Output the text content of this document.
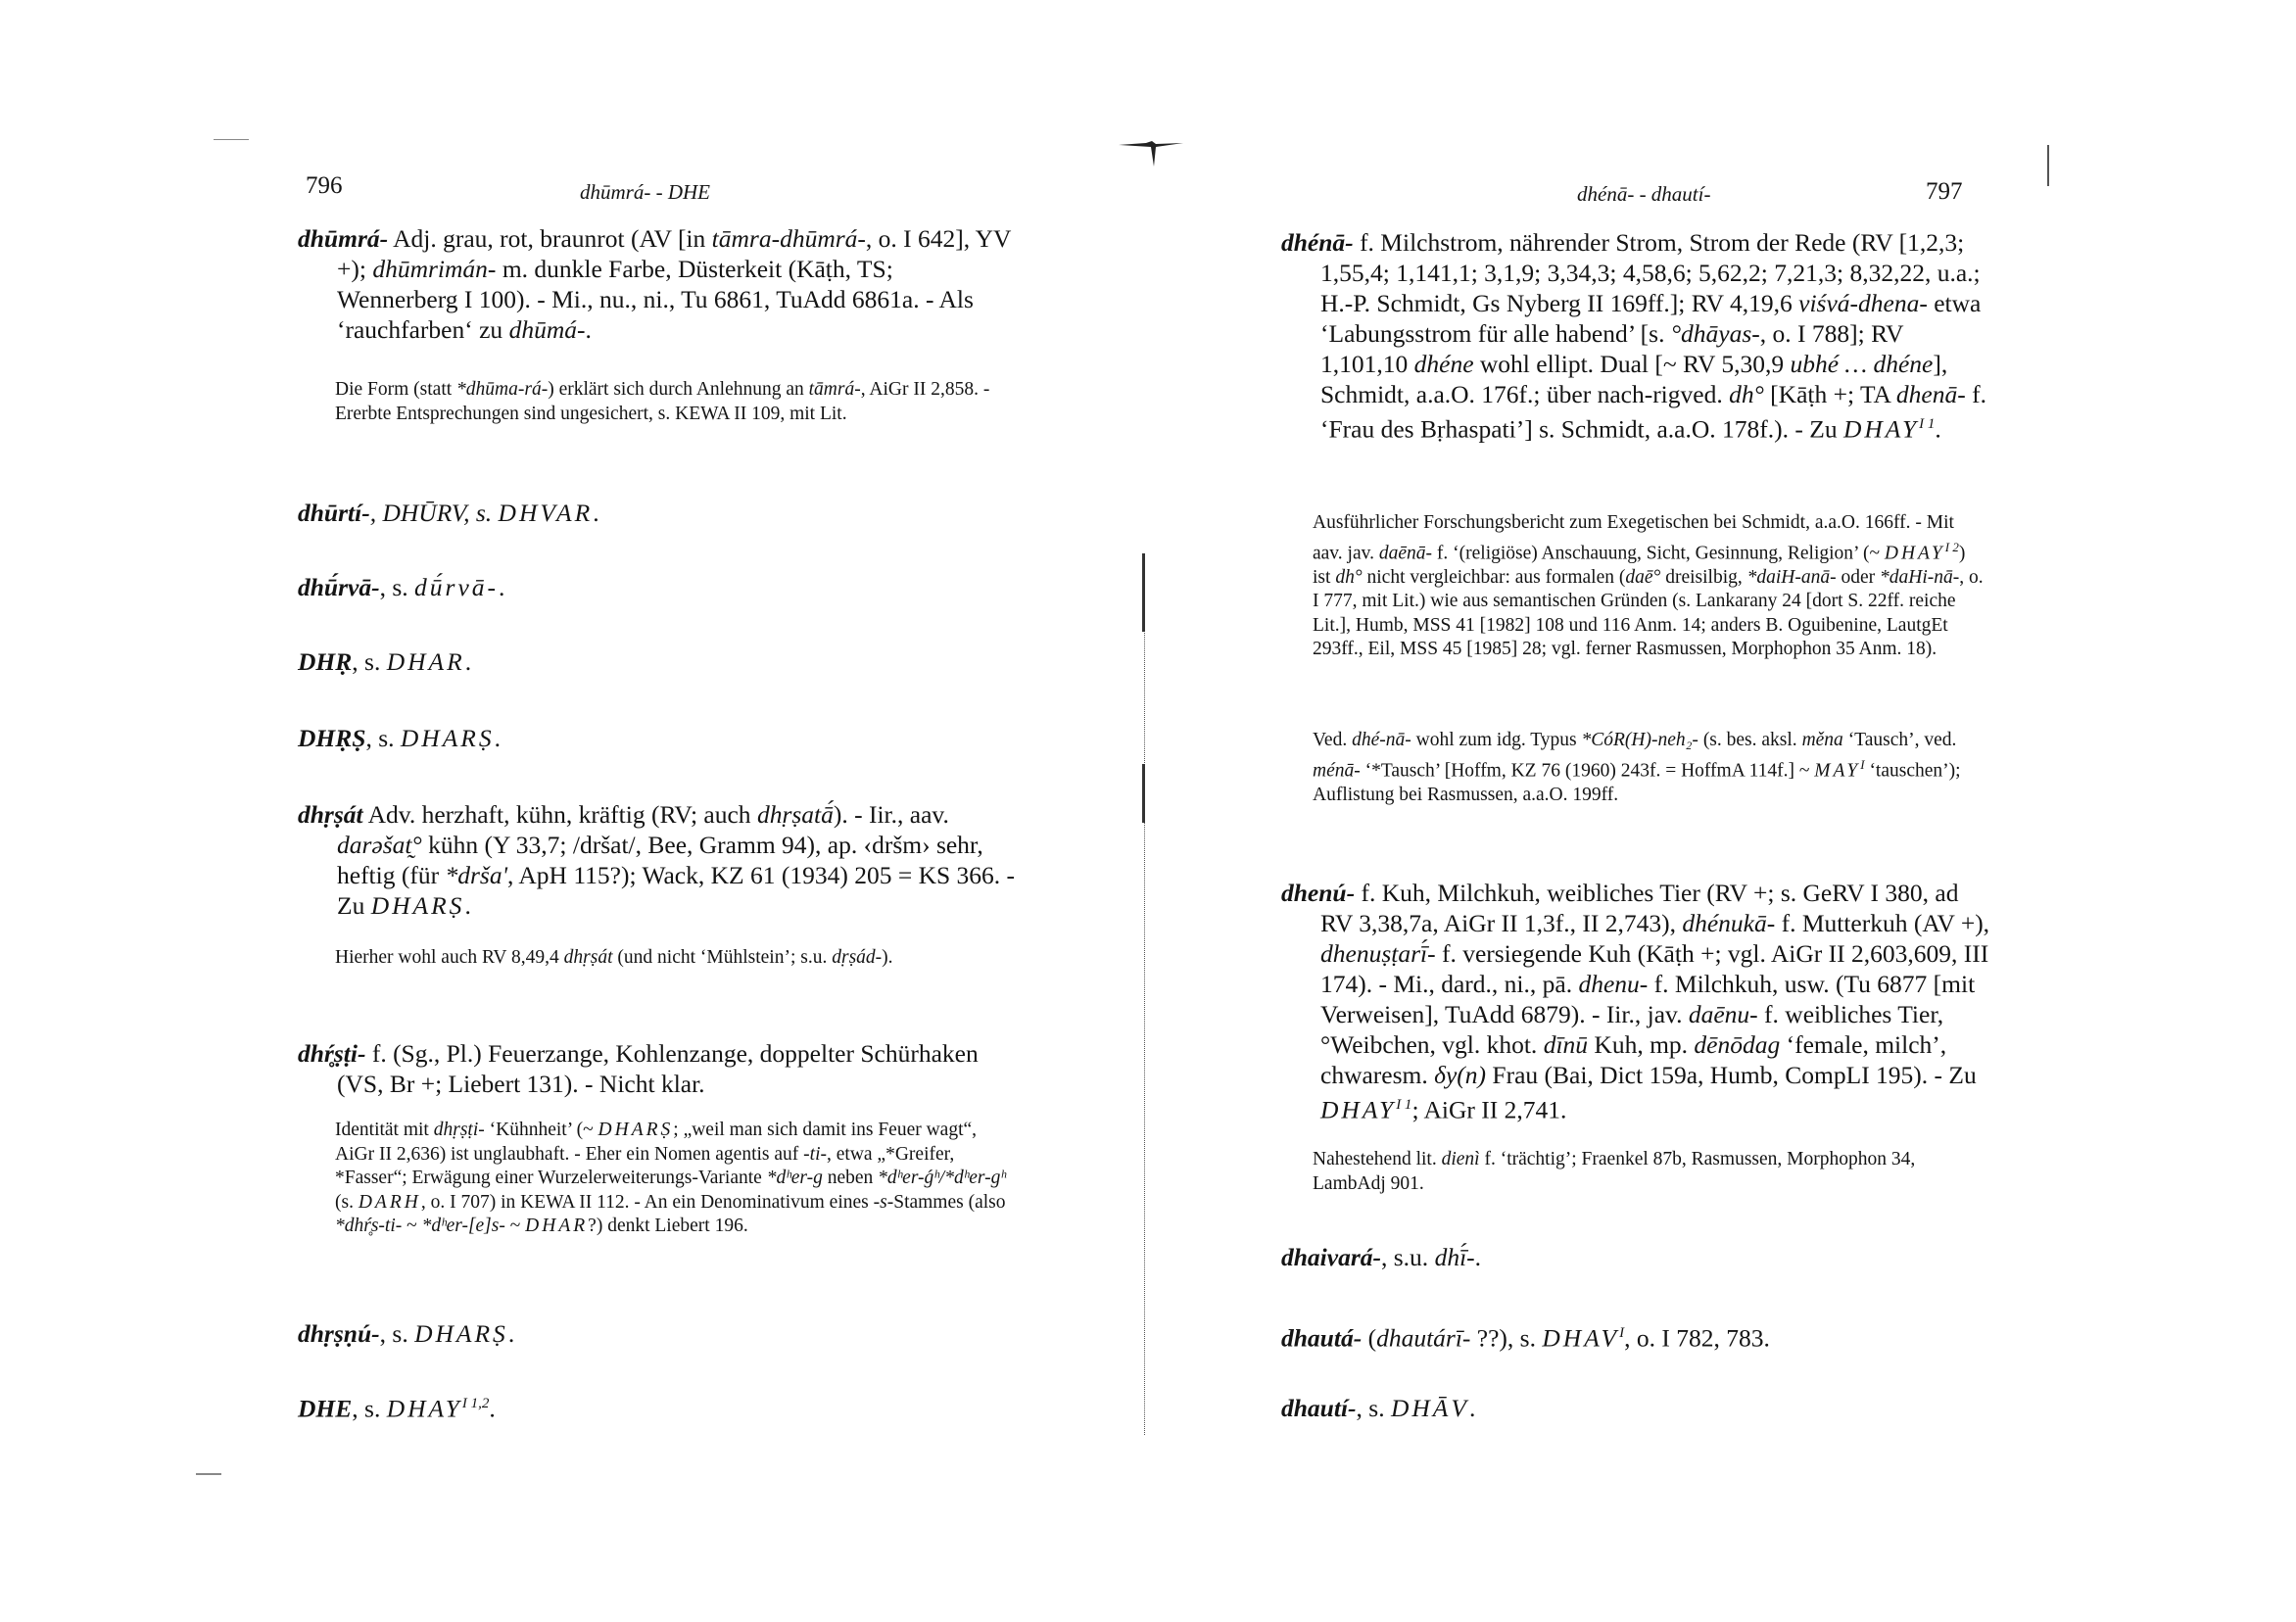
796	dhūmrá- - DHE
dhūmrá- Adj. grau, rot, braunrot (AV [in tāmra-dhūmrá-, o. I 642], YV +); dhūmrimán- m. dunkle Farbe, Düsterkeit (Kāṭh, TS; Wennerberg I 100). - Mi., nu., ni., Tu 6861, TuAdd 6861a. - Als ‘rauchfarben‘ zu dhūmá-.
Die Form (statt *dhūma-rá-) erklärt sich durch Anlehnung an tāmrá-, AiGr II 2,858. - Ererbte Entsprechungen sind ungesichert, s. KEWA II 109, mit Lit.
dhūrtí-, DHŪRV, s. DHVAR.
dhū́rvā-, s. dū́rvā-.
DHṚ, s. DHAR.
DHṚṢ, s. DHARṢ.
dhṛṣát Adv. herzhaft, kühn, kräftig (RV; auch dhṛṣatā́). - Iir., aav. darəšat̰° kühn (Y 33,7; /dršat/, Bee, Gramm 94), ap. ‹dršm› sehr, heftig (für *drša', ApH 115?); Wack, KZ 61 (1934) 205 = KS 366. - Zu DHARṢ.
Hierher wohl auch RV 8,49,4 dhṛṣát (und nicht ‘Mühlstein’; s.u. dṛṣád-).
dhŕ̥ṣṭi- f. (Sg., Pl.) Feuerzange, Kohlenzange, doppelter Schürhaken (VS, Br +; Liebert 131). - Nicht klar.
Identität mit dhṛṣṭi- ‘Kühnheit’ (~ DHARṢ; „weil man sich damit ins Feuer wagt“, AiGr II 2,636) ist unglaubhaft. - Eher ein Nomen agentis auf -ti-, etwa „*Greifer, *Fasser“; Erwägung einer Wurzelerweiterungs-Variante *dʰer-g neben *dʰer-ǵʰ/*dʰer-gʰ (s. DARH, o. I 707) in KEWA II 112. - An ein Denominativum eines -s-Stammes (also *dhŕ̥s-ti- ~ *dʰer-[e]s- ~ DHAR?) denkt Liebert 196.
dhṛṣṇú-, s. DHARṢ.
DHE, s. $DHAY^{I 1,2}$.
dhénā- - dhautí-	797
dhénā- f. Milchstrom, nährender Strom, Strom der Rede (RV [1,2,3; 1,55,4; 1,141,1; 3,1,9; 3,34,3; 4,58,6; 5,62,2; 7,21,3; 8,32,22, u.a.; H.-P. Schmidt, Gs Nyberg II 169ff.]; RV 4,19,6 viśvá-dhena- etwa ‘Labungsstrom für alle habend’ [s. °dhāyas-, o. I 788]; RV 1,101,10 dhéne wohl ellipt. Dual [~ RV 5,30,9 ubhé … dhéne], Schmidt, a.a.O. 176f.; über nach-rigved. dh° [Kāṭh +; TA dhenā- f. ‘Frau des Bṛhaspati’] s. Schmidt, a.a.O. 178f.). - Zu $DHAY^{I 1}$.
Ausführlicher Forschungsbericht zum Exegetischen bei Schmidt, a.a.O. 166ff. - Mit aav. jav. daēnā- f. ‘(religiöse) Anschauung, Sicht, Gesinnung, Religion’ (~ $DHAY^{I 2}$) ist dh° nicht vergleichbar: aus formalen (daē° dreisilbig, *daiH-anā- oder *daHi-nā-, o. I 777, mit Lit.) wie aus semantischen Gründen (s. Lankarany 24 [dort S. 22ff. reiche Lit.], Humb, MSS 41 [1982] 108 und 116 Anm. 14; anders B. Oguibenine, LautgEt 293ff., Eil, MSS 45 [1985] 28; vgl. ferner Rasmussen, Morphophon 35 Anm. 18).
Ved. dhé-nā- wohl zum idg. Typus *CóR(H)-neh₂- (s. bes. aksl. měna ‘Tausch’, ved. ménā- ‘*Tausch’ [Hoffm, KZ 76 (1960) 243f. = HoffmA 114f.] ~ $MAY^I$ ‘tauschen’); Auflistung bei Rasmussen, a.a.O. 199ff.
dhenú- f. Kuh, Milchkuh, weibliches Tier (RV +; s. GeRV I 380, ad RV 3,38,7a, AiGr II 1,3f., II 2,743), dhénukā- f. Mutterkuh (AV +), dhenuṣṭarī́- f. versiegende Kuh (Kāṭh +; vgl. AiGr II 2,603,609, III 174). - Mi., dard., ni., pā. dhenu- f. Milchkuh, usw. (Tu 6877 [mit Verweisen], TuAdd 6879). - Iir., jav. daēnu- f. weibliches Tier, °Weibchen, vgl. khot. dīnū Kuh, mp. dēnōdag ‘female, milch’, chwaresm. δy(n) Frau (Bai, Dict 159a, Humb, CompLI 195). - Zu $DHAY^{I 1}$; AiGr II 2,741.
Nahestehend lit. dienì f. ‘trächtig’; Fraenkel 87b, Rasmussen, Morphophon 34, LambAdj 901.
dhaivará-, s.u. dhī́-.
dhautá- (dhautárī- ??), s. $DHAV^I$, o. I 782, 783.
dhautí-, s. DHĀV.
